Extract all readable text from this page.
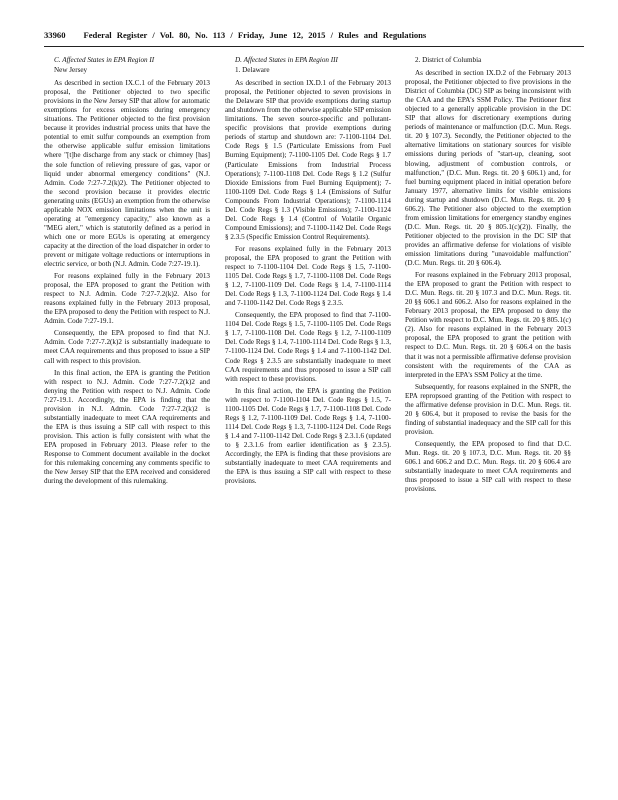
33960 Federal Register / Vol. 80, No. 113 / Friday, June 12, 2015 / Rules and Regulations

C. Affected States in EPA Region II

New Jersey

As described in section IX.C.1 of the February 2013 proposal, the Petitioner objected to two specific provisions in the New Jersey SIP that allow for automatic exemptions for excess emissions during emergency situations. The Petitioner objected to the first provision because it provides industrial process units that have the potential to emit sulfur compounds an exemption from the otherwise applicable sulfur emission limitations where "[t]he discharge from any stack or chimney [has] the sole function of relieving pressure of gas, vapor or liquid under abnormal emergency conditions" (N.J. Admin. Code 7:27-7.2(k)2). The Petitioner objected to the second provision because it provides electric generating units (EGUs) an exemption from the otherwise applicable NOX emission limitations when the unit is operating at "emergency capacity," also known as a "MEG alert," which is statutorily defined as a period in which one or more EGUs is operating at emergency capacity at the direction of the load dispatcher in order to prevent or mitigate voltage reductions or interruptions in electric service, or both (N.J. Admin. Code 7:27-19.1).

For reasons explained fully in the February 2013 proposal, the EPA proposed to grant the Petition with respect to N.J. Admin. Code 7:27-7.2(k)2. Also for reasons explained fully in the February 2013 proposal, the EPA proposed to deny the Petition with respect to N.J. Admin. Code 7:27-19.1.

Consequently, the EPA proposed to find that N.J. Admin. Code 7:27-7.2(k)2 is substantially inadequate to meet CAA requirements and thus proposed to issue a SIP call with respect to this provision.

In this final action, the EPA is granting the Petition with respect to N.J. Admin. Code 7:27-7.2(k)2 and denying the Petition with respect to N.J. Admin. Code 7:27-19.1. Accordingly, the EPA is finding that the provision in N.J. Admin. Code 7:27-7.2(k)2 is substantially inadequate to meet CAA requirements and the EPA is thus issuing a SIP call with respect to this provision. This action is fully consistent with what the EPA proposed in February 2013. Please refer to the Response to Comment document available in the docket for this rulemaking concerning any comments specific to the New Jersey SIP that the EPA received and considered during the development of this rulemaking.

D. Affected States in EPA Region III

1. Delaware

As described in section IX.D.1 of the February 2013 proposal, the Petitioner objected to seven provisions in the Delaware SIP that provide exemptions during startup and shutdown from the otherwise applicable SIP emission limitations. The seven source-specific and pollutant-specific provisions that provide exemptions during periods of startup and shutdown are: 7-1100-1104 Del. Code Regs § 1.5 (Particulate Emissions from Fuel Burning Equipment); 7-1100-1105 Del. Code Regs § 1.7 (Particulate Emissions from Industrial Process Operations); 7-1100-1108 Del. Code Regs § 1.2 (Sulfur Dioxide Emissions from Fuel Burning Equipment); 7-1100-1109 Del. Code Regs § 1.4 (Emissions of Sulfur Compounds From Industrial Operations); 7-1100-1114 Del. Code Regs § 1.3 (Visible Emissions); 7-1100-1124 Del. Code Regs § 1.4 (Control of Volatile Organic Compound Emissions); and 7-1100-1142 Del. Code Regs § 2.3.5 (Specific Emission Control Requirements).

For reasons explained fully in the February 2013 proposal, the EPA proposed to grant the Petition with respect to 7-1100-1104 Del. Code Regs § 1.5, 7-1100-1105 Del. Code Regs § 1.7, 7-1100-1108 Del. Code Regs § 1.2, 7-1100-1109 Del. Code Regs § 1.4, 7-1100-1114 Del. Code Regs § 1.3, 7-1100-1124 Del. Code Regs § 1.4 and 7-1100-1142 Del. Code Regs § 2.3.5.

Consequently, the EPA proposed to find that 7-1100-1104 Del. Code Regs § 1.5, 7-1100-1105 Del. Code Regs § 1.7, 7-1100-1108 Del. Code Regs § 1.2, 7-1100-1109 Del. Code Regs § 1.4, 7-1100-1114 Del. Code Regs § 1.3, 7-1100-1124 Del. Code Regs § 1.4 and 7-1100-1142 Del. Code Regs § 2.3.5 are substantially inadequate to meet CAA requirements and thus proposed to issue a SIP call with respect to these provisions.

In this final action, the EPA is granting the Petition with respect to 7-1100-1104 Del. Code Regs § 1.5, 7-1100-1105 Del. Code Regs § 1.7, 7-1100-1108 Del. Code Regs § 1.2, 7-1100-1109 Del. Code Regs § 1.4, 7-1100-1114 Del. Code Regs § 1.3, 7-1100-1124 Del. Code Regs § 1.4 and 7-1100-1142 Del. Code Regs § 2.3.1.6 (updated to § 2.3.1.6 from earlier identification as § 2.3.5). Accordingly, the EPA is finding that these provisions are substantially inadequate to meet CAA requirements and the EPA is thus issuing a SIP call with respect to these provisions.

2. District of Columbia

As described in section IX.D.2 of the February 2013 proposal, the Petitioner objected to five provisions in the District of Columbia (DC) SIP as being inconsistent with the CAA and the EPA's SSM Policy. The Petitioner first objected to a generally applicable provision in the DC SIP that allows for discretionary exemptions during periods of maintenance or malfunction (D.C. Mun. Regs. tit. 20 § 107.3). Secondly, the Petitioner objected to the alternative limitations on stationary sources for visible emissions during periods of "start-up, cleaning, soot blowing, adjustment of combustion controls, or malfunction," (D.C. Mun. Regs. tit. 20 § 606.1) and, for fuel burning equipment placed in initial operation before January 1977, alternative limits for visible emissions during startup and shutdown (D.C. Mun. Regs. tit. 20 § 606.2). The Petitioner also objected to the exemption from emission limitations for emergency standby engines (D.C. Mun. Regs. tit. 20 § 805.1(c)(2)). Finally, the Petitioner objected to the provision in the DC SIP that provides an affirmative defense for violations of visible emission limitations during "unavoidable malfunction" (D.C. Mun. Regs. tit. 20 § 606.4).

For reasons explained in the February 2013 proposal, the EPA proposed to grant the Petition with respect to D.C. Mun. Regs. tit. 20 § 107.3 and D.C. Mun. Regs. tit. 20 §§ 606.1 and 606.2. Also for reasons explained in the February 2013 proposal, the EPA proposed to deny the Petition with respect to D.C. Mun. Regs. tit. 20 § 805.1(c)(2). Also for reasons explained in the February 2013 proposal, the EPA proposed to grant the petition with respect to D.C. Mun. Regs. tit. 20 § 606.4 on the basis that it was not a permissible affirmative defense provision consistent with the requirements of the CAA as interpreted in the EPA's SSM Policy at the time.

Subsequently, for reasons explained in the SNPR, the EPA repropsoed granting of the Petition with respect to the affirmative defense provision in D.C. Mun. Regs. tit. 20 § 606.4, but it proposed to revise the basis for the finding of substantial inadequacy and the SIP call for this provision.

Consequently, the EPA proposed to find that D.C. Mun. Regs. tit. 20 § 107.3, D.C. Mun. Regs. tit. 20 §§ 606.1 and 606.2 and D.C. Mun. Regs. tit. 20 § 606.4 are substantially inadequate to meet CAA requirements and thus proposed to issue a SIP call with respect to these provisions.
